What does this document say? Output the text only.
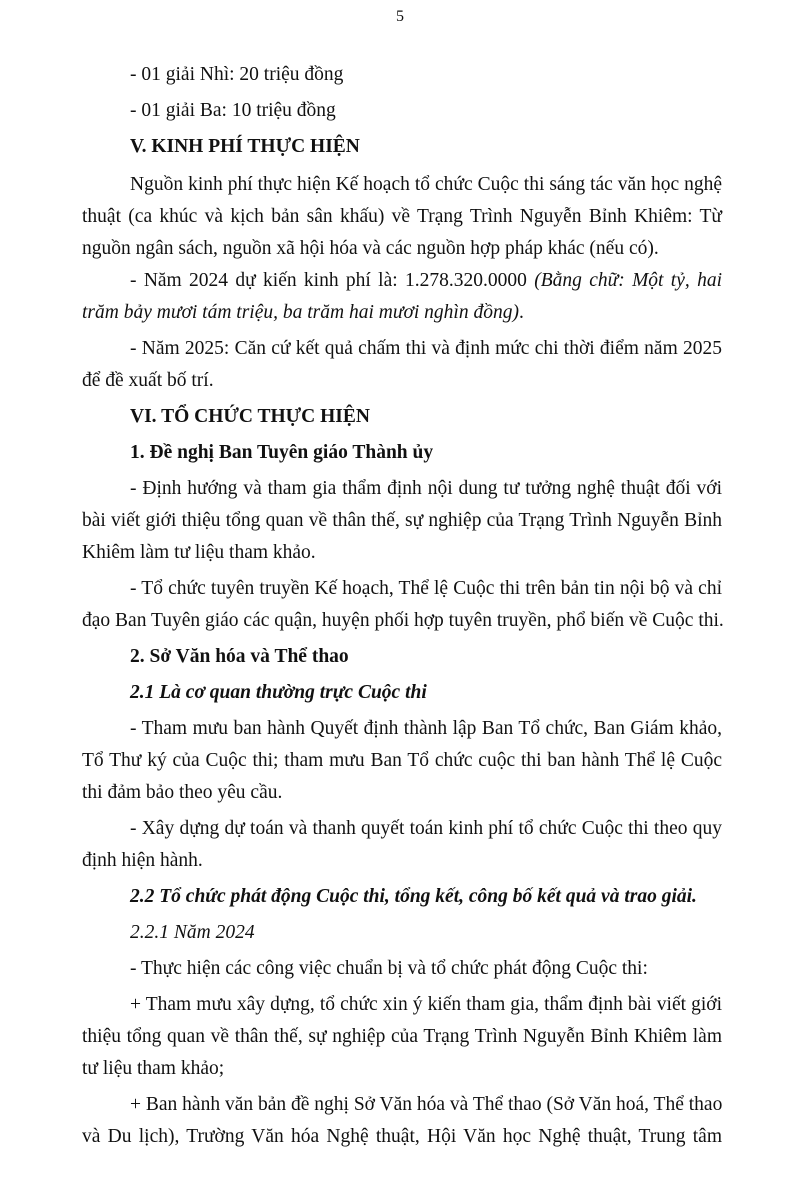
5

- 01 giải Nhì: 20 triệu đồng

- 01 giải Ba: 10 triệu đồng

V. KINH PHÍ THỰC HIỆN

Nguồn kinh phí thực hiện Kế hoạch tổ chức Cuộc thi sáng tác văn học nghệ

thuật (ca khúc và kịch bản sân khấu) về Trạng Trình Nguyễn Bỉnh Khiêm: Từ

nguồn ngân sách, nguồn xã hội hóa và các nguồn hợp pháp khác (nếu có).

- Năm 2024 dự kiến kinh phí là: 1.278.320.0000 (Bằng chữ: Một tỷ, hai

trăm bảy mươi tám triệu, ba trăm hai mươi nghìn đồng).

- Năm 2025: Căn cứ kết quả chấm thi và định mức chi thời điểm năm 2025

để đề xuất bố trí.

VI. TỔ CHỨC THỰC HIỆN

1. Đề nghị Ban Tuyên giáo Thành ủy

- Định hướng và tham gia thẩm định nội dung tư tưởng nghệ thuật đối với

bài viết giới thiệu tổng quan về thân thế, sự nghiệp của Trạng Trình Nguyễn Bỉnh

Khiêm làm tư liệu tham khảo.

- Tổ chức tuyên truyền Kế hoạch, Thể lệ Cuộc thi trên bản tin nội bộ và chỉ

đạo Ban Tuyên giáo các quận, huyện phối hợp tuyên truyền, phổ biến về Cuộc thi.

2. Sở Văn hóa và Thể thao

2.1 Là cơ quan thường trực Cuộc thi

- Tham mưu ban hành Quyết định thành lập Ban Tổ chức, Ban Giám khảo,

Tổ Thư ký của Cuộc thi; tham mưu Ban Tổ chức cuộc thi ban hành Thể lệ Cuộc

thi đảm bảo theo yêu cầu.

- Xây dựng dự toán và thanh quyết toán kinh phí tổ chức Cuộc thi theo quy

định hiện hành.

2.2 Tổ chức phát động Cuộc thi, tổng kết, công bố kết quả và trao giải.

2.2.1 Năm 2024

- Thực hiện các công việc chuẩn bị và tổ chức phát động Cuộc thi:

+ Tham mưu xây dựng, tổ chức xin ý kiến tham gia, thẩm định bài viết giới

thiệu tổng quan về thân thế, sự nghiệp của Trạng Trình Nguyễn Bỉnh Khiêm làm

tư liệu tham khảo;

+ Ban hành văn bản đề nghị Sở Văn hóa và Thể thao (Sở Văn hoá, Thể thao

và Du lịch), Trường Văn hóa Nghệ thuật, Hội Văn học Nghệ thuật, Trung tâm
